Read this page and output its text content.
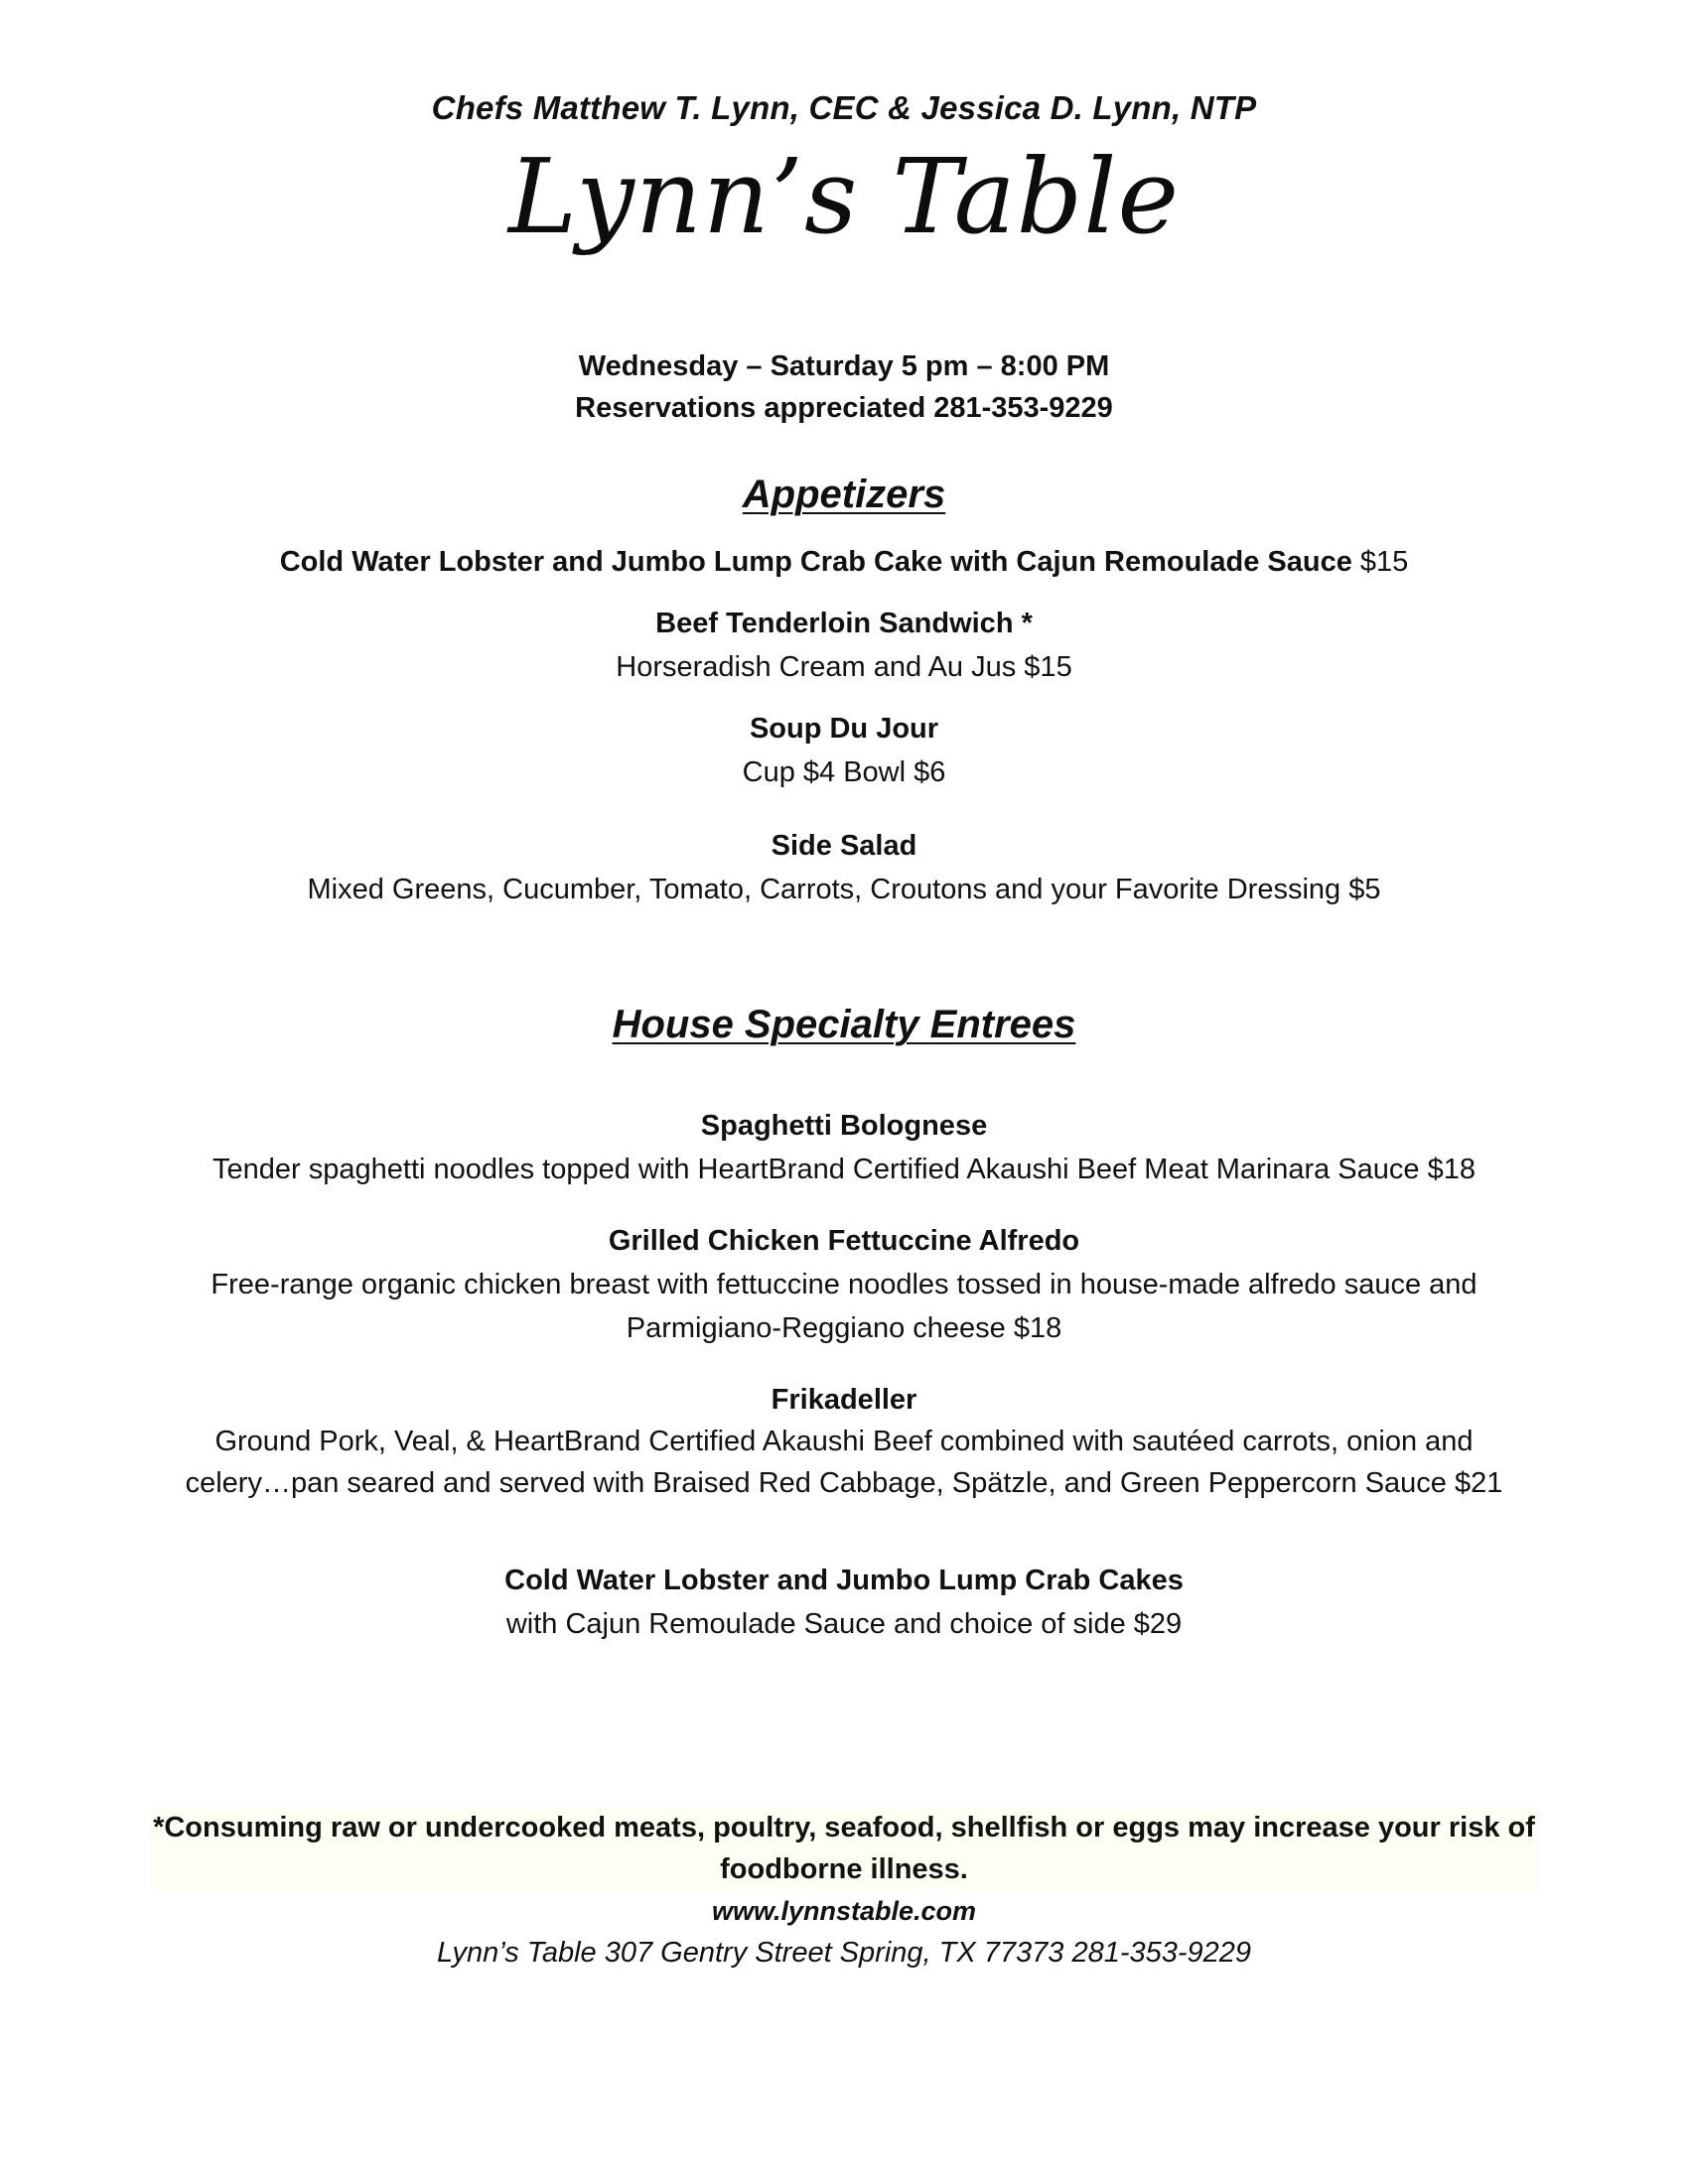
Chefs Matthew T. Lynn, CEC & Jessica D. Lynn, NTP
Lynn’s Table
Wednesday – Saturday 5 pm – 8:00 PM
Reservations appreciated 281-353-9229
Appetizers
Cold Water Lobster and Jumbo Lump Crab Cake with Cajun Remoulade Sauce $15
Beef Tenderloin Sandwich *
Horseradish Cream and Au Jus $15
Soup Du Jour
Cup $4 Bowl $6
Side Salad
Mixed Greens, Cucumber, Tomato, Carrots, Croutons and your Favorite Dressing $5
House Specialty Entrees
Spaghetti Bolognese
Tender spaghetti noodles topped with HeartBrand Certified Akaushi Beef Meat Marinara Sauce $18
Grilled Chicken Fettuccine Alfredo
Free-range organic chicken breast with fettuccine noodles tossed in house-made alfredo sauce and
Parmigiano-Reggiano cheese $18
Frikadeller
Ground Pork, Veal, & HeartBrand Certified Akaushi Beef combined with sautéed carrots, onion and
celery…pan seared and served with Braised Red Cabbage, Spätzle, and Green Peppercorn Sauce $21
Cold Water Lobster and Jumbo Lump Crab Cakes
with Cajun Remoulade Sauce and choice of side $29
*Consuming raw or undercooked meats, poultry, seafood, shellfish or eggs may increase your risk of
foodborne illness.
www.lynnstable.com
Lynn’s Table 307 Gentry Street Spring, TX 77373 281-353-9229
